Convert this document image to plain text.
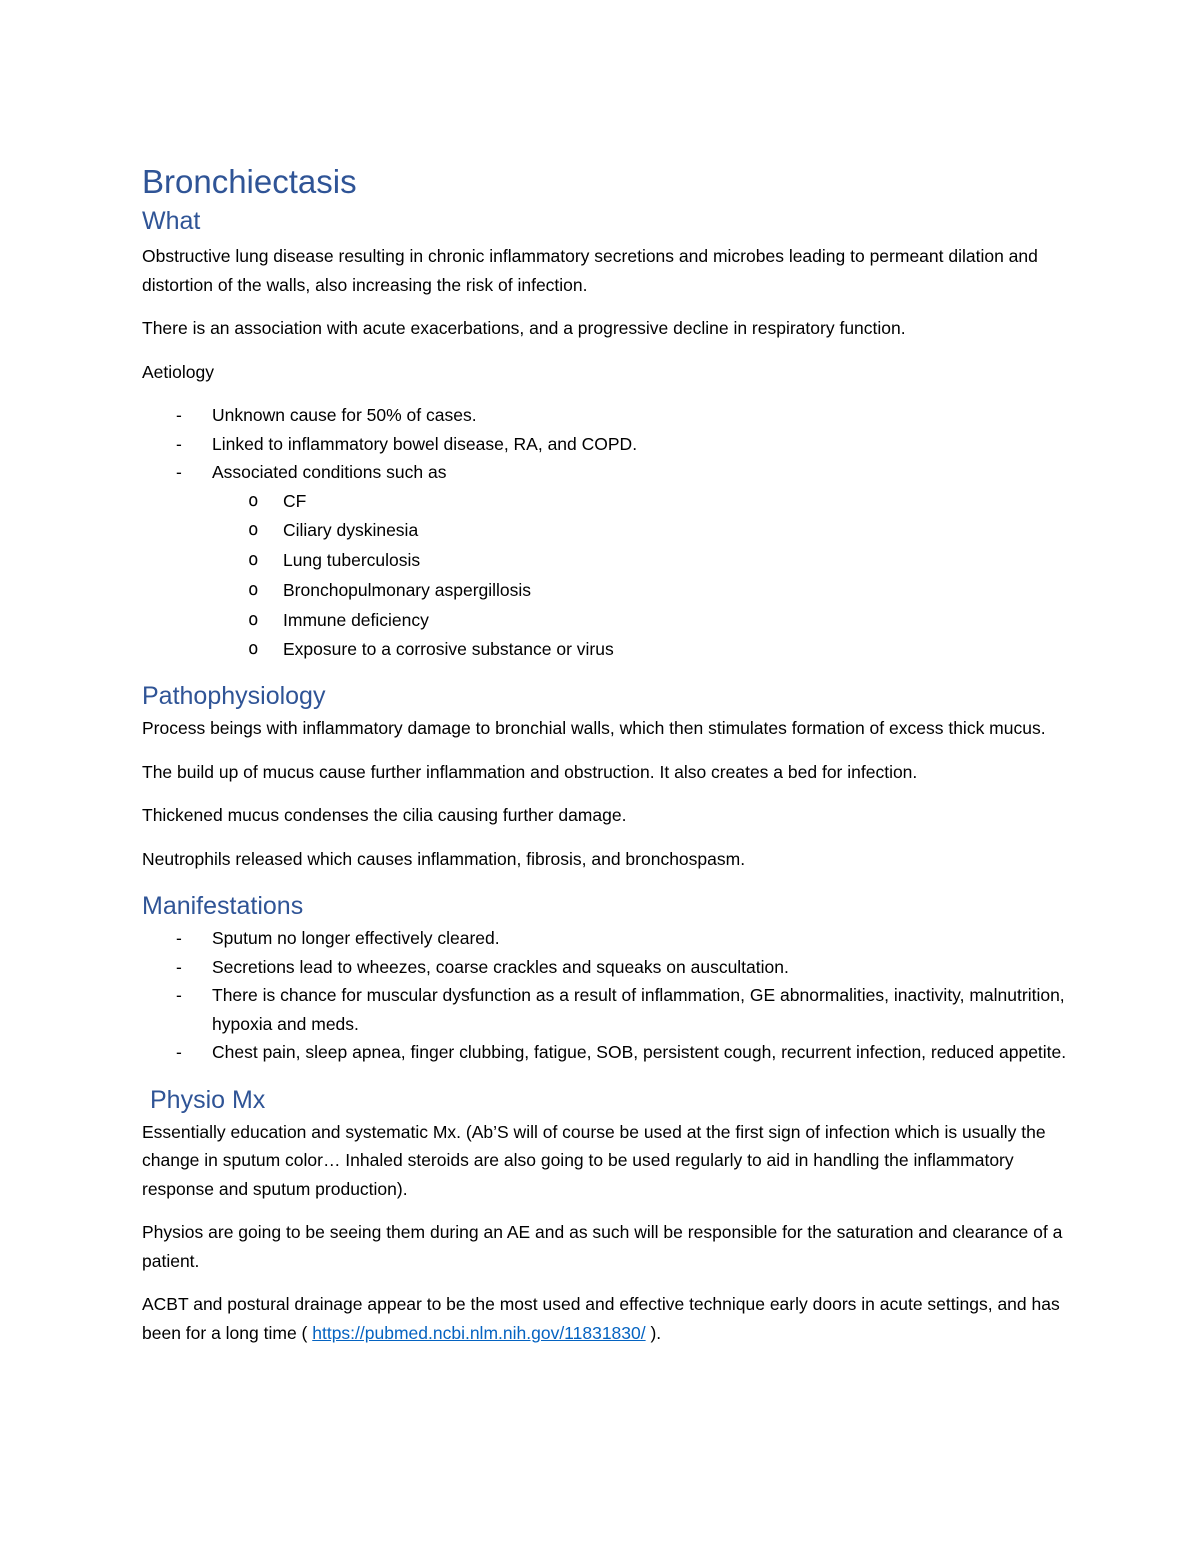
Bronchiectasis
What

Obstructive lung disease resulting in chronic inflammatory secretions and microbes leading to permeant dilation and distortion of the walls, also increasing the risk of infection.

There is an association with acute exacerbations, and a progressive decline in respiratory function.

Aetiology

- Unknown cause for 50% of cases.
- Linked to inflammatory bowel disease, RA, and COPD.
- Associated conditions such as
o CF
o Ciliary dyskinesia
o Lung tuberculosis
o Bronchopulmonary aspergillosis
o Immune deficiency
o Exposure to a corrosive substance or virus
Pathophysiology

Process beings with inflammatory damage to bronchial walls, which then stimulates formation of excess thick mucus.

The build up of mucus cause further inflammation and obstruction. It also creates a bed for infection.

Thickened mucus condenses the cilia causing further damage.

Neutrophils released which causes inflammation, fibrosis, and bronchospasm.

Manifestations
- Sputum no longer effectively cleared.
- Secretions lead to wheezes, coarse crackles and squeaks on auscultation.
- There is chance for muscular dysfunction as a result of inflammation, GE abnormalities, inactivity, malnutrition, hypoxia and meds.
- Chest pain, sleep apnea, finger clubbing, fatigue, SOB, persistent cough, recurrent infection, reduced appetite.
Physio Mx

Essentially education and systematic Mx. (Ab’S will of course be used at the first sign of infection which is usually the change in sputum color… Inhaled steroids are also going to be used regularly to aid in handling the inflammatory response and sputum production).

Physios are going to be seeing them during an AE and as such will be responsible for the saturation and clearance of a patient.

ACBT and postural drainage appear to be the most used and effective technique early doors in acute settings, and has been for a long time ( https://pubmed.ncbi.nlm.nih.gov/11831830/ ).
